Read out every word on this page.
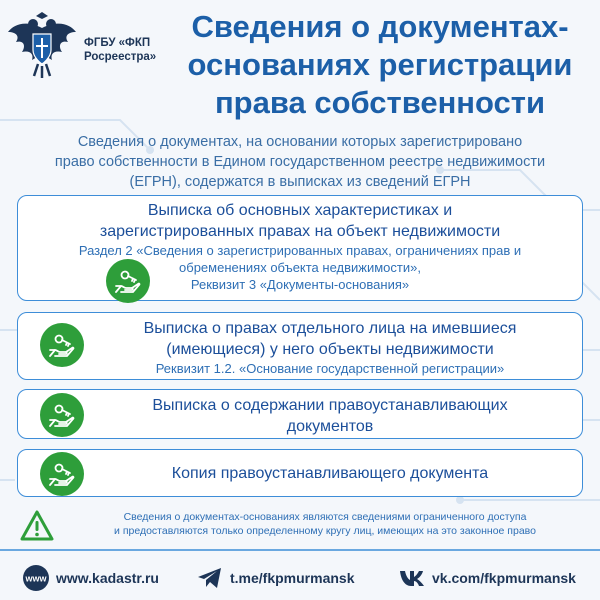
ФГБУ «ФКП
Росреестра»
Сведения о документах-
основаниях регистрации
права собственности
Сведения о документах, на основании которых зарегистрировано
право собственности в Едином государственном реестре недвижимости
(ЕГРН), содержатся в выписках из сведений ЕГРН
Выписка об основных характеристиках и
зарегистрированных правах на объект недвижимости
Раздел 2 «Сведения о зарегистрированных правах, ограничениях прав и
обременениях объекта недвижимости»,
Реквизит 3 «Документы-основания»
Выписка о правах отдельного лица на имевшиеся
(имеющиеся) у него объекты недвижимости
Реквизит 1.2. «Основание государственной регистрации»
Выписка о содержании правоустанавливающих
документов
Копия правоустанавливающего документа
Сведения о документах-основаниях являются сведениями ограниченного доступа
и предоставляются только определенному кругу лиц, имеющих на это законное право
www www.kadastr.ru	t.me/fkpmurmansk	vk.com/fkpmurmansk
